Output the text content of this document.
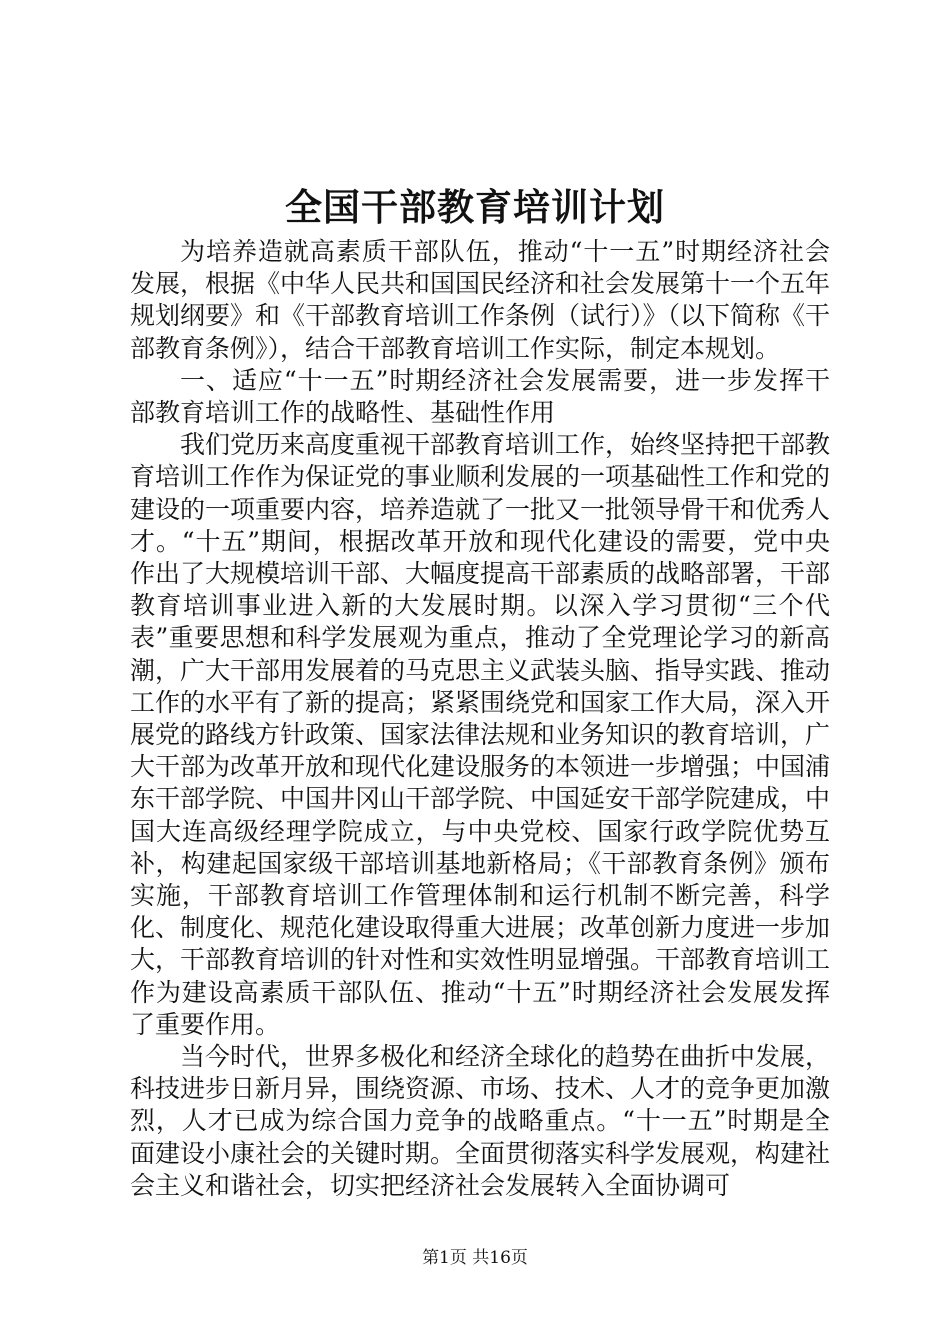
全国干部教育培训计划

为培养造就高素质干部队伍，推动“十一五”时期经济社会发展，根据《中华人民共和国国民经济和社会发展第十一个五年规划纲要》和《干部教育培训工作条例（试行）》（以下简称《干部教育条例》），结合干部教育培训工作实际，制定本规划。

一、适应“十一五”时期经济社会发展需要，进一步发挥干部教育培训工作的战略性、基础性作用

我们党历来高度重视干部教育培训工作，始终坚持把干部教育培训工作作为保证党的事业顺利发展的一项基础性工作和党的建设的一项重要内容，培养造就了一批又一批领导骨干和优秀人才。“十五”期间，根据改革开放和现代化建设的需要，党中央作出了大规模培训干部、大幅度提高干部素质的战略部署，干部教育培训事业进入新的大发展时期。以深入学习贯彻“三个代表”重要思想和科学发展观为重点，推动了全党理论学习的新高潮，广大干部用发展着的马克思主义武装头脑、指导实践、推动工作的水平有了新的提高；紧紧围绕党和国家工作大局，深入开展党的路线方针政策、国家法律法规和业务知识的教育培训，广大干部为改革开放和现代化建设服务的本领进一步增强；中国浦东干部学院、中国井冈山干部学院、中国延安干部学院建成，中国大连高级经理学院成立，与中央党校、国家行政学院优势互补，构建起国家级干部培训基地新格局；《干部教育条例》颁布实施，干部教育培训工作管理体制和运行机制不断完善，科学化、制度化、规范化建设取得重大进展；改革创新力度进一步加大，干部教育培训的针对性和实效性明显增强。干部教育培训工作为建设高素质干部队伍、推动“十五”时期经济社会发展发挥了重要作用。

当今时代，世界多极化和经济全球化的趋势在曲折中发展，科技进步日新月异，围绕资源、市场、技术、人才的竞争更加激烈，人才已成为综合国力竞争的战略重点。“十一五”时期是全面建设小康社会的关键时期。全面贯彻落实科学发展观，构建社会主义和谐社会，切实把经济社会发展转入全面协调可

第1页 共16页
